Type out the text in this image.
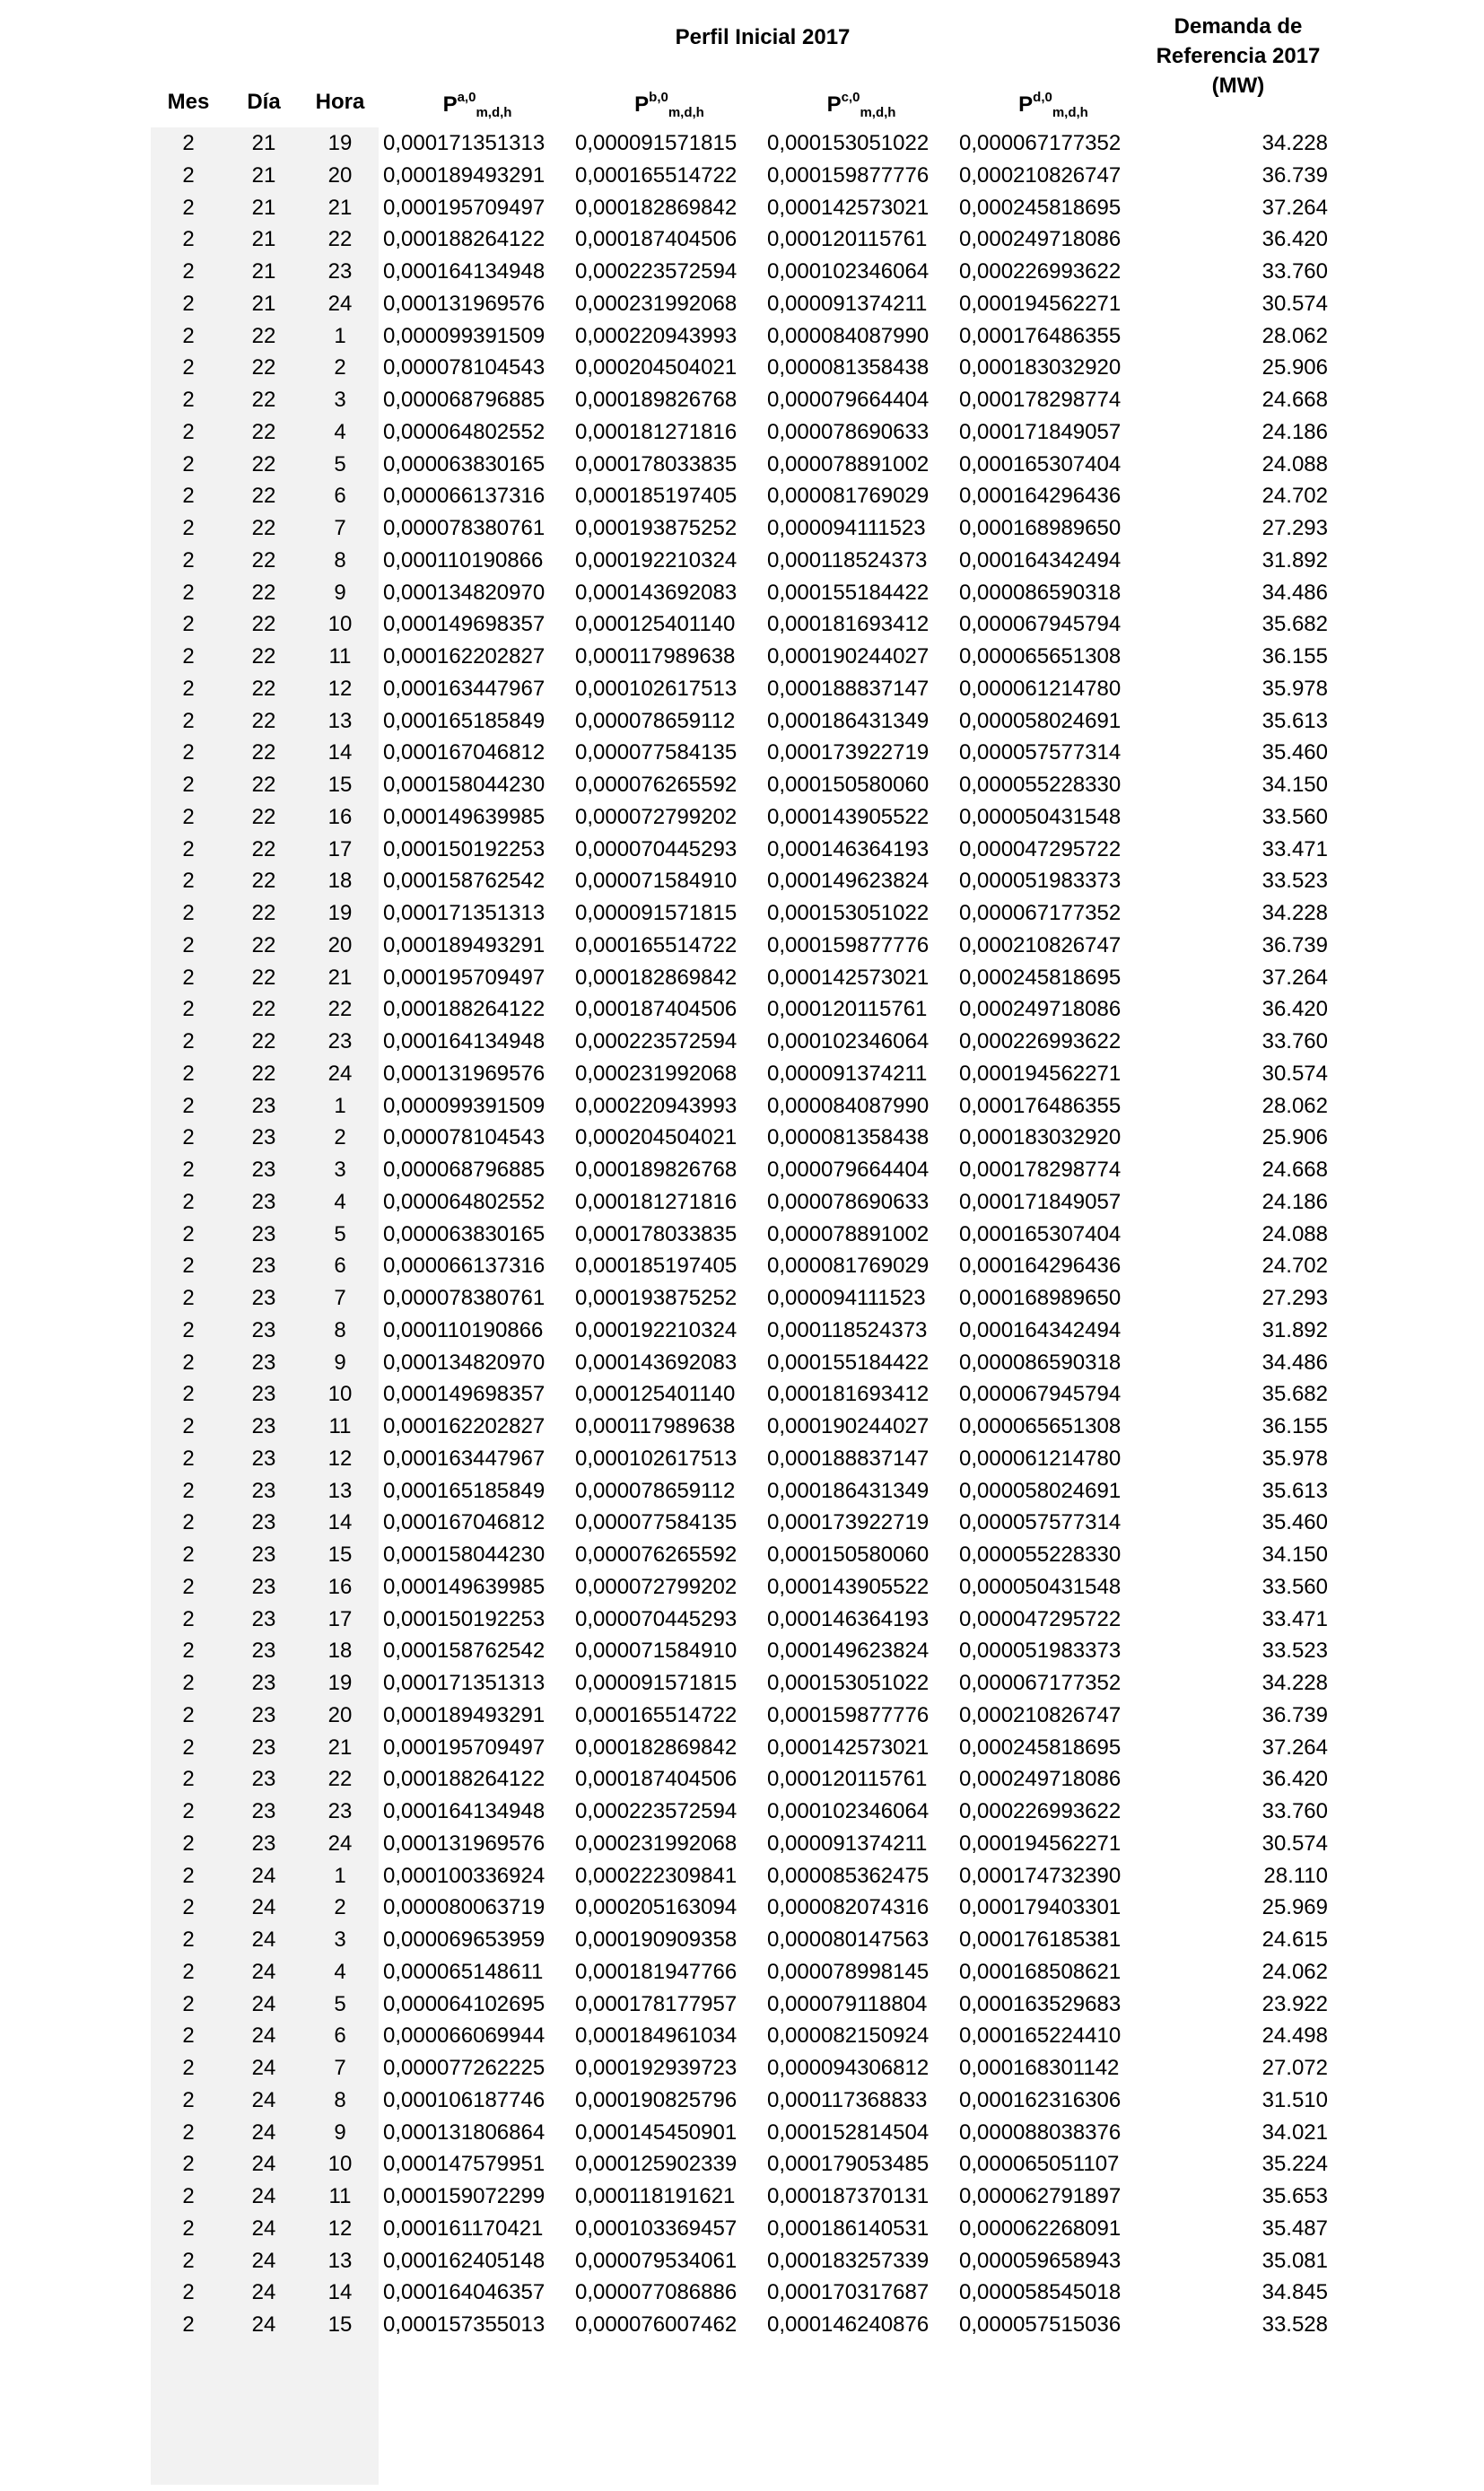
Perfil Inicial 2017	Demanda de
Referencia 2017
(MW)
Mes	Día	Hora	P$^{a,0}_{m,d,h}$	P$^{b,0}_{m,d,h}$	P$^{c,0}_{m,d,h}$	P$^{d,0}_{m,d,h}$
2	21	19	0,000171351313	0,000091571815	0,000153051022	0,000067177352	34.228
2	21	20	0,000189493291	0,000165514722	0,000159877776	0,000210826747	36.739
2	21	21	0,000195709497	0,000182869842	0,000142573021	0,000245818695	37.264
2	21	22	0,000188264122	0,000187404506	0,000120115761	0,000249718086	36.420
2	21	23	0,000164134948	0,000223572594	0,000102346064	0,000226993622	33.760
2	21	24	0,000131969576	0,000231992068	0,000091374211	0,000194562271	30.574
2	22	1	0,000099391509	0,000220943993	0,000084087990	0,000176486355	28.062
2	22	2	0,000078104543	0,000204504021	0,000081358438	0,000183032920	25.906
2	22	3	0,000068796885	0,000189826768	0,000079664404	0,000178298774	24.668
2	22	4	0,000064802552	0,000181271816	0,000078690633	0,000171849057	24.186
2	22	5	0,000063830165	0,000178033835	0,000078891002	0,000165307404	24.088
2	22	6	0,000066137316	0,000185197405	0,000081769029	0,000164296436	24.702
2	22	7	0,000078380761	0,000193875252	0,000094111523	0,000168989650	27.293
2	22	8	0,000110190866	0,000192210324	0,000118524373	0,000164342494	31.892
2	22	9	0,000134820970	0,000143692083	0,000155184422	0,000086590318	34.486
2	22	10	0,000149698357	0,000125401140	0,000181693412	0,000067945794	35.682
2	22	11	0,000162202827	0,000117989638	0,000190244027	0,000065651308	36.155
2	22	12	0,000163447967	0,000102617513	0,000188837147	0,000061214780	35.978
2	22	13	0,000165185849	0,000078659112	0,000186431349	0,000058024691	35.613
2	22	14	0,000167046812	0,000077584135	0,000173922719	0,000057577314	35.460
2	22	15	0,000158044230	0,000076265592	0,000150580060	0,000055228330	34.150
2	22	16	0,000149639985	0,000072799202	0,000143905522	0,000050431548	33.560
2	22	17	0,000150192253	0,000070445293	0,000146364193	0,000047295722	33.471
2	22	18	0,000158762542	0,000071584910	0,000149623824	0,000051983373	33.523
2	22	19	0,000171351313	0,000091571815	0,000153051022	0,000067177352	34.228
2	22	20	0,000189493291	0,000165514722	0,000159877776	0,000210826747	36.739
2	22	21	0,000195709497	0,000182869842	0,000142573021	0,000245818695	37.264
2	22	22	0,000188264122	0,000187404506	0,000120115761	0,000249718086	36.420
2	22	23	0,000164134948	0,000223572594	0,000102346064	0,000226993622	33.760
2	22	24	0,000131969576	0,000231992068	0,000091374211	0,000194562271	30.574
2	23	1	0,000099391509	0,000220943993	0,000084087990	0,000176486355	28.062
2	23	2	0,000078104543	0,000204504021	0,000081358438	0,000183032920	25.906
2	23	3	0,000068796885	0,000189826768	0,000079664404	0,000178298774	24.668
2	23	4	0,000064802552	0,000181271816	0,000078690633	0,000171849057	24.186
2	23	5	0,000063830165	0,000178033835	0,000078891002	0,000165307404	24.088
2	23	6	0,000066137316	0,000185197405	0,000081769029	0,000164296436	24.702
2	23	7	0,000078380761	0,000193875252	0,000094111523	0,000168989650	27.293
2	23	8	0,000110190866	0,000192210324	0,000118524373	0,000164342494	31.892
2	23	9	0,000134820970	0,000143692083	0,000155184422	0,000086590318	34.486
2	23	10	0,000149698357	0,000125401140	0,000181693412	0,000067945794	35.682
2	23	11	0,000162202827	0,000117989638	0,000190244027	0,000065651308	36.155
2	23	12	0,000163447967	0,000102617513	0,000188837147	0,000061214780	35.978
2	23	13	0,000165185849	0,000078659112	0,000186431349	0,000058024691	35.613
2	23	14	0,000167046812	0,000077584135	0,000173922719	0,000057577314	35.460
2	23	15	0,000158044230	0,000076265592	0,000150580060	0,000055228330	34.150
2	23	16	0,000149639985	0,000072799202	0,000143905522	0,000050431548	33.560
2	23	17	0,000150192253	0,000070445293	0,000146364193	0,000047295722	33.471
2	23	18	0,000158762542	0,000071584910	0,000149623824	0,000051983373	33.523
2	23	19	0,000171351313	0,000091571815	0,000153051022	0,000067177352	34.228
2	23	20	0,000189493291	0,000165514722	0,000159877776	0,000210826747	36.739
2	23	21	0,000195709497	0,000182869842	0,000142573021	0,000245818695	37.264
2	23	22	0,000188264122	0,000187404506	0,000120115761	0,000249718086	36.420
2	23	23	0,000164134948	0,000223572594	0,000102346064	0,000226993622	33.760
2	23	24	0,000131969576	0,000231992068	0,000091374211	0,000194562271	30.574
2	24	1	0,000100336924	0,000222309841	0,000085362475	0,000174732390	28.110
2	24	2	0,000080063719	0,000205163094	0,000082074316	0,000179403301	25.969
2	24	3	0,000069653959	0,000190909358	0,000080147563	0,000176185381	24.615
2	24	4	0,000065148611	0,000181947766	0,000078998145	0,000168508621	24.062
2	24	5	0,000064102695	0,000178177957	0,000079118804	0,000163529683	23.922
2	24	6	0,000066069944	0,000184961034	0,000082150924	0,000165224410	24.498
2	24	7	0,000077262225	0,000192939723	0,000094306812	0,000168301142	27.072
2	24	8	0,000106187746	0,000190825796	0,000117368833	0,000162316306	31.510
2	24	9	0,000131806864	0,000145450901	0,000152814504	0,000088038376	34.021
2	24	10	0,000147579951	0,000125902339	0,000179053485	0,000065051107	35.224
2	24	11	0,000159072299	0,000118191621	0,000187370131	0,000062791897	35.653
2	24	12	0,000161170421	0,000103369457	0,000186140531	0,000062268091	35.487
2	24	13	0,000162405148	0,000079534061	0,000183257339	0,000059658943	35.081
2	24	14	0,000164046357	0,000077086886	0,000170317687	0,000058545018	34.845
2	24	15	0,000157355013	0,000076007462	0,000146240876	0,000057515036	33.528
